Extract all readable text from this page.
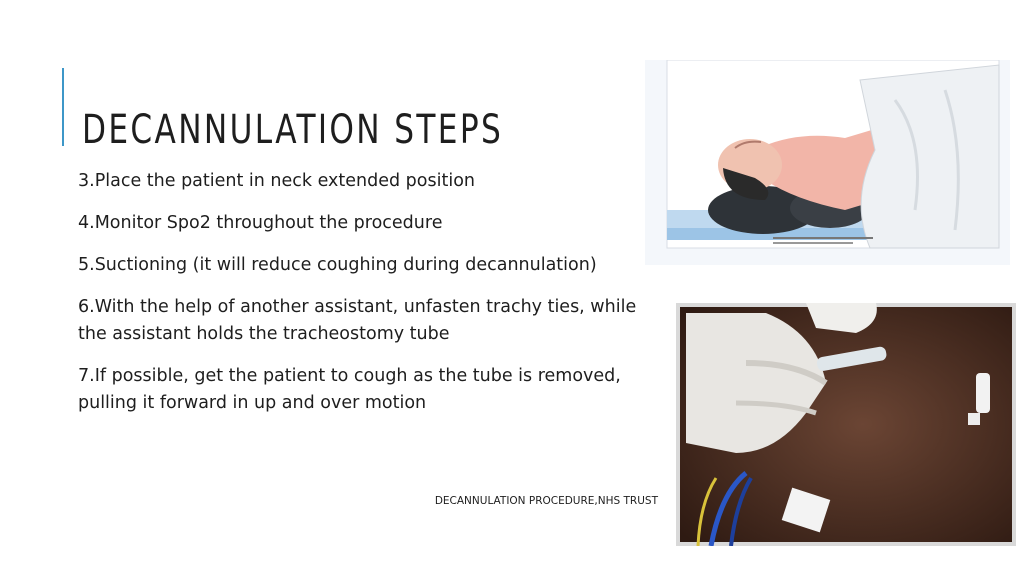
DECANNULATION STEPS
3.Place the patient in neck extended position
4.Monitor Spo2 throughout the procedure
5.Suctioning (it will reduce coughing during decannulation)
6.With the help of another assistant, unfasten trachy ties, while the assistant holds the tracheostomy tube
7.If possible, get the patient to cough as the tube is removed, pulling it forward in up and over motion
DECANNULATION PROCEDURE,NHS TRUST
